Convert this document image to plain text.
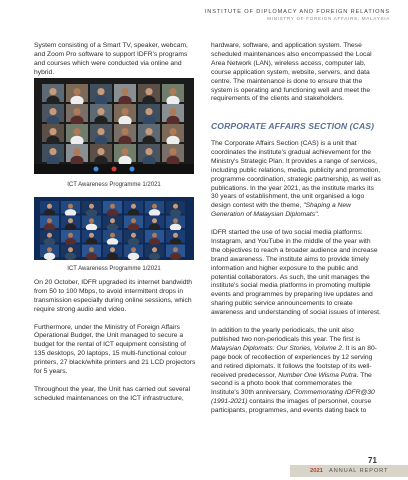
INSTITUTE OF DIPLOMACY AND FOREIGN RELATIONS
MINISTRY OF FOREIGN AFFAIRS, MALAYSIA

System consisting of a Smart TV, speaker, webcam, and Zoom Pro software to support IDFR's programs and courses which were conducted via online and hybrid.

ICT Awareness Programme 1/2021
ICT Awareness Programme 1/2021

On 20 October, IDFR upgraded its internet bandwidth from 50 to 100 Mbps, to avoid intermittent drops in transmission especially during online sessions, which require strong audio and video.

Furthermore, under the Ministry of Foreign Affairs Operational Budget, the Unit managed to secure a budget for the rental of ICT equipment consisting of 135 desktops, 20 laptops, 15 multi-functional colour printers, 27 black/white printers and 21 LCD projectors for 5 years.

Throughout the year, the Unit has carried out several scheduled maintenances on the ICT infrastructure,

hardware, software, and application system. These scheduled maintenances also encompassed the Local Area Network (LAN), wireless access, computer lab, course application system, website, servers, and data centre. The maintenance is done to ensure that the system is operating and functioning well and meet the requirements of the clients and stakeholders.

CORPORATE AFFAIRS SECTION (CAS)

The Corporate Affairs Section (CAS) is a unit that coordinates the institute's gradual achievement for the Ministry's Strategic Plan. It provides a range of services, including public relations, media, publicity and promotion, programme coordination, strategic partnership, as well as publications. In the year 2021, as the institute marks its 30 years of establishment, the unit organised a logo design contest with the theme, "Shaping a New Generation of Malaysian Diplomats".

IDFR started the use of two social media platforms: Instagram, and YouTube in the middle of the year with the objectives to reach a broader audience and increase brand awareness. The institute aims to provide timely information and higher exposure to the public and potential collaborators. As such, the unit manages the institute's social media platforms in promoting multiple events and programmes by preparing live updates and sharing public service announcements to create awareness and understanding of social issues of interest.

In addition to the yearly periodicals, the unit also published two non-periodicals this year. The first is Malaysian Diplomats: Our Stories, Volume 2. It is an 80-page book of recollection of experiences by 12 serving and retired diplomats. It follows the footstep of its well-received predecessor, Number One Wisma Putra. The second is a photo book that commemorates the Institute's 30th anniversary, Commemorating IDFR@30 (1991-2021) contains the images of personnel, course participants, programmes, and events dating back to

71
2021 ANNUAL REPORT
